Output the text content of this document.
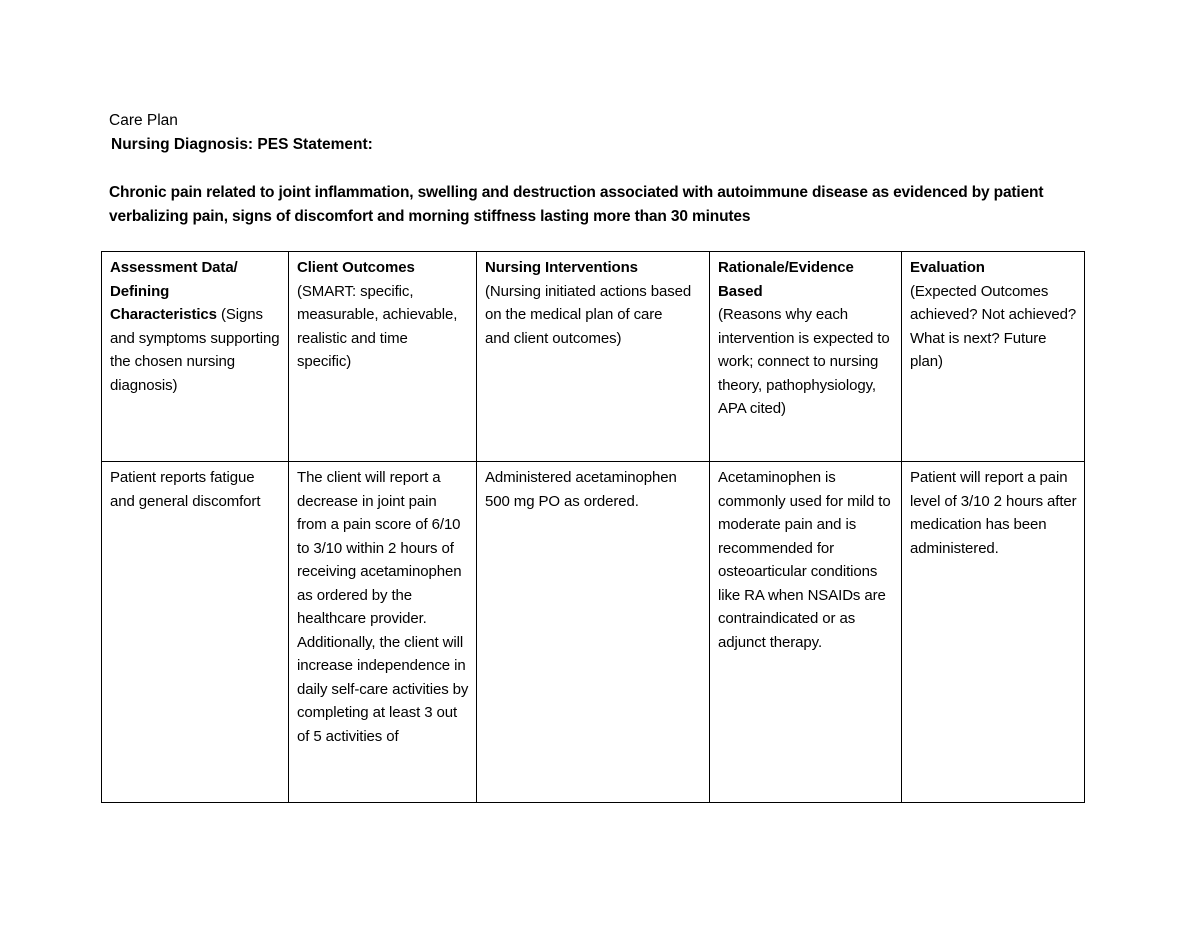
Care Plan
Nursing Diagnosis: PES Statement:
Chronic pain related to joint inflammation, swelling and destruction associated with autoimmune disease as evidenced by patient verbalizing pain, signs of discomfort and morning stiffness lasting more than 30 minutes
Assessment Data/
Defining
Characteristics (Signs and symptoms supporting the chosen nursing diagnosis)	Client Outcomes
(SMART: specific, measurable, achievable, realistic and time
specific)	Nursing Interventions
(Nursing initiated actions based on the medical plan of care
and client outcomes)	Rationale/Evidence Based
(Reasons why each intervention is expected to work; connect to nursing theory, pathophysiology, APA cited)	Evaluation
(Expected Outcomes achieved? Not achieved?
What is next? Future plan)
Patient reports fatigue and general discomfort	The client will report a decrease in joint pain from a pain score of 6/10 to 3/10 within 2 hours of receiving acetaminophen as ordered by the healthcare provider. Additionally, the client will increase independence in daily self-care activities by completing at least 3 out of 5 activities of	Administered acetaminophen 500 mg PO as ordered.	Acetaminophen is commonly used for mild to moderate pain and is recommended for osteoarticular conditions like RA when NSAIDs are contraindicated or as adjunct therapy.	Patient will report a pain level of 3/10 2 hours after medication has been administered.
